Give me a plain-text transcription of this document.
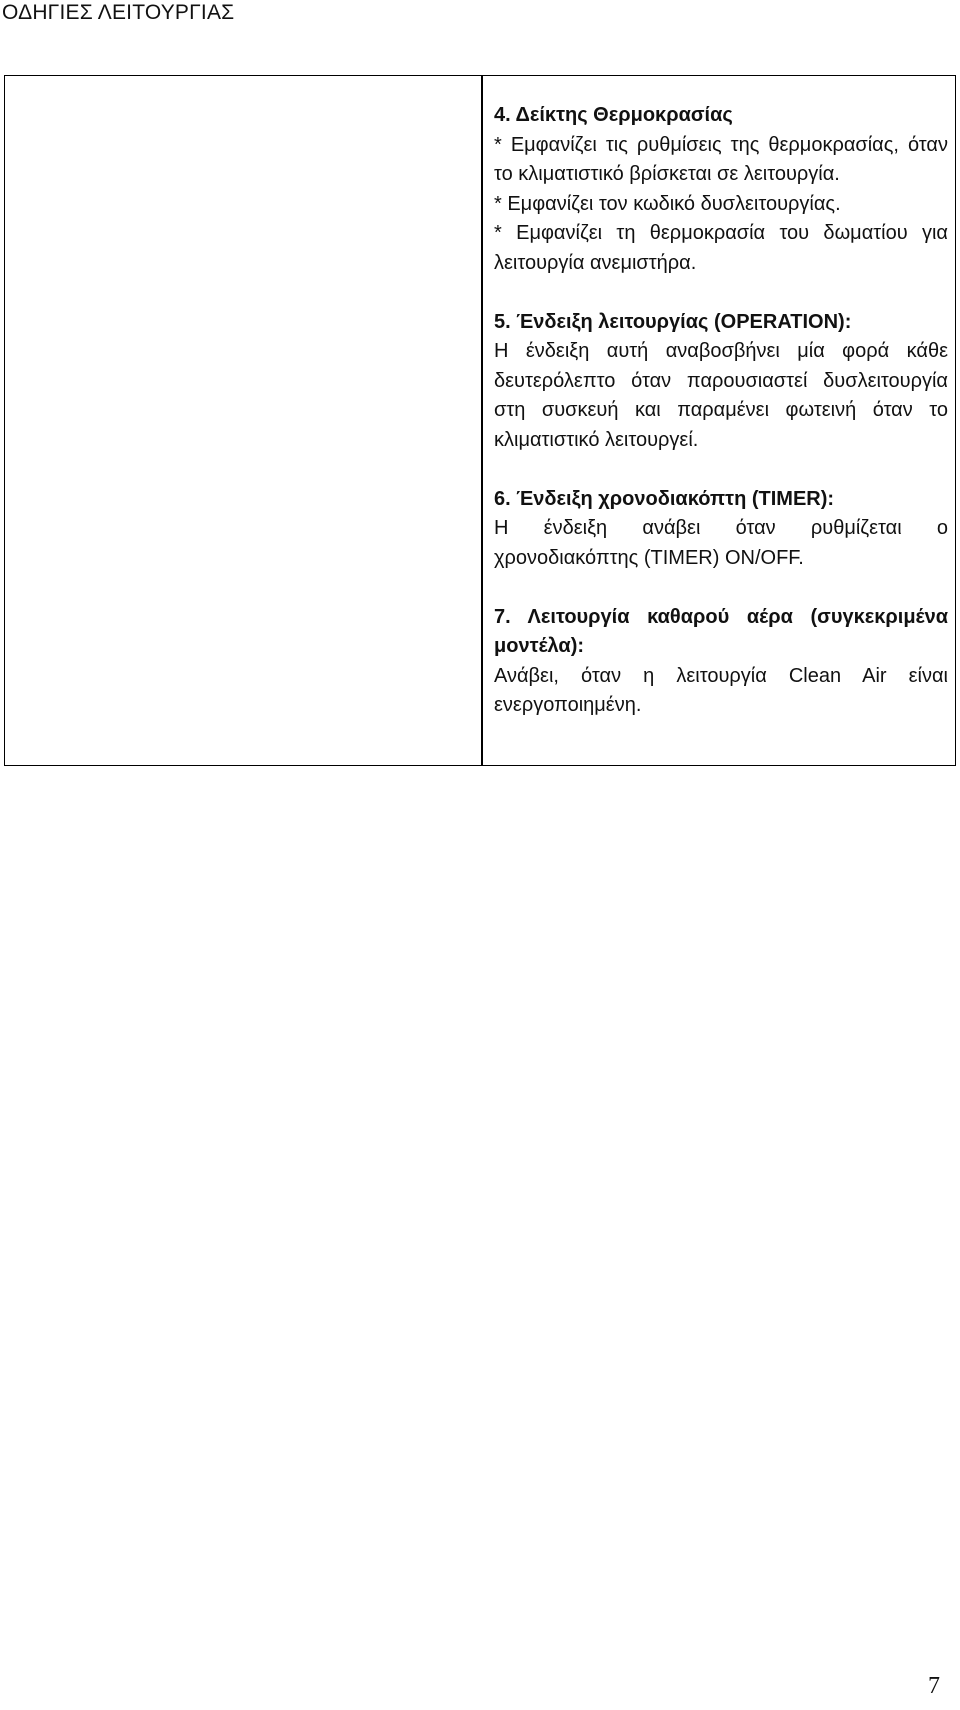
ΟΔΗΓΙΕΣ ΛΕΙΤΟΥΡΓΙΑΣ

4. Δείκτης Θερμοκρασίας

* Εμφανίζει τις ρυθμίσεις της θερμοκρασίας, όταν το κλιματιστικό βρίσκεται σε λειτουργία.

* Εμφανίζει τον κωδικό δυσλειτουργίας.

* Εμφανίζει τη θερμοκρασία του δωματίου για λειτουργία ανεμιστήρα.

5. Ένδειξη λειτουργίας (OPERATION):

Η ένδειξη αυτή αναβοσβήνει μία φορά κάθε δευτερόλεπτο όταν παρουσιαστεί δυσλειτουργία στη συσκευή και παραμένει φωτεινή όταν το κλιματιστικό λειτουργεί.

6. Ένδειξη χρονοδιακόπτη (TIMER):

Η ένδειξη ανάβει όταν ρυθμίζεται ο χρονοδιακόπτης (TIMER) ON/OFF.

7. Λειτουργία καθαρού αέρα (συγκεκριμένα μοντέλα):

Ανάβει, όταν η λειτουργία Clean Air είναι ενεργοποιημένη.

7
